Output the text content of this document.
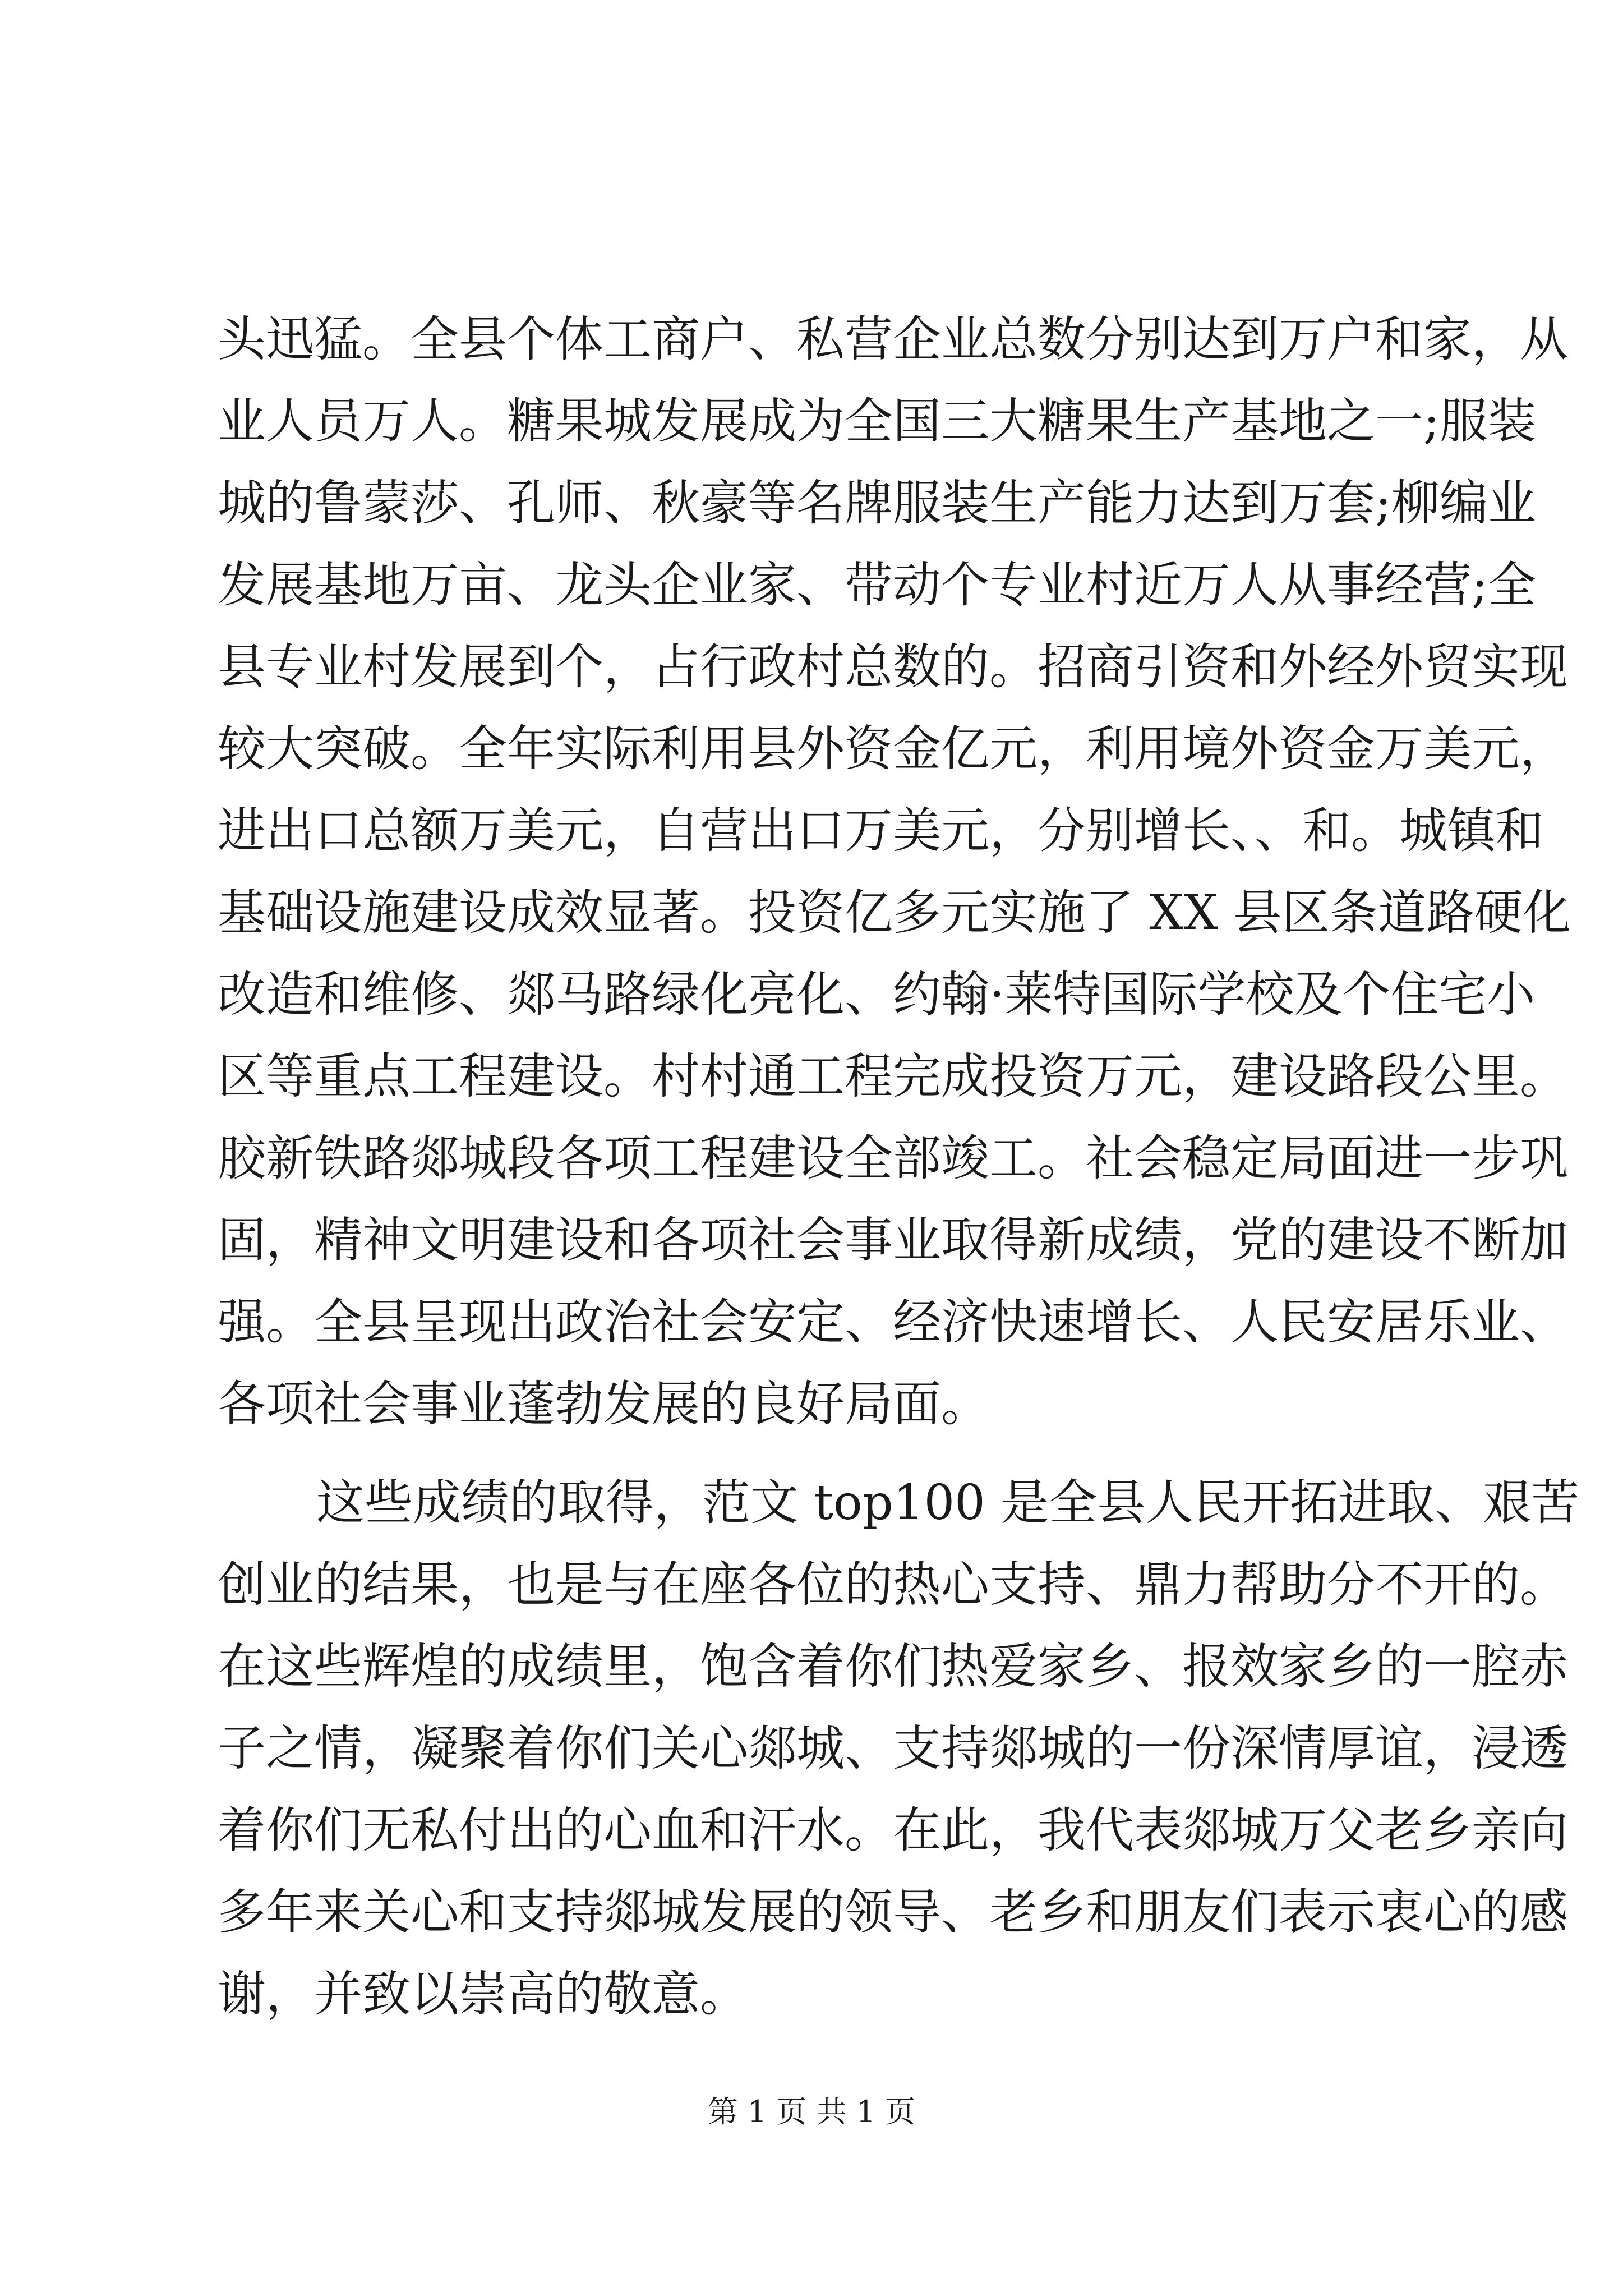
头迅猛。全县个体工商户、私营企业总数分别达到万户和家，从
业人员万人。糖果城发展成为全国三大糖果生产基地之一;服装
城的鲁蒙莎、孔师、秋豪等名牌服装生产能力达到万套;柳编业
发展基地万亩、龙头企业家、带动个专业村近万人从事经营;全
县专业村发展到个，占行政村总数的。招商引资和外经外贸实现
较大突破。全年实际利用县外资金亿元，利用境外资金万美元，
进出口总额万美元，自营出口万美元，分别增长、、和。城镇和
基础设施建设成效显著。投资亿多元实施了 XX 县区条道路硬化
改造和维修、郯马路绿化亮化、约翰·莱特国际学校及个住宅小
区等重点工程建设。村村通工程完成投资万元，建设路段公里。
胶新铁路郯城段各项工程建设全部竣工。社会稳定局面进一步巩
固，精神文明建设和各项社会事业取得新成绩，党的建设不断加
强。全县呈现出政治社会安定、经济快速增长、人民安居乐业、
各项社会事业蓬勃发展的良好局面。
这些成绩的取得，范文 top100 是全县人民开拓进取、艰苦
创业的结果，也是与在座各位的热心支持、鼎力帮助分不开的。
在这些辉煌的成绩里，饱含着你们热爱家乡、报效家乡的一腔赤
子之情，凝聚着你们关心郯城、支持郯城的一份深情厚谊，浸透
着你们无私付出的心血和汗水。在此，我代表郯城万父老乡亲向
多年来关心和支持郯城发展的领导、老乡和朋友们表示衷心的感
谢，并致以崇高的敬意。
第 1 页 共 1 页
